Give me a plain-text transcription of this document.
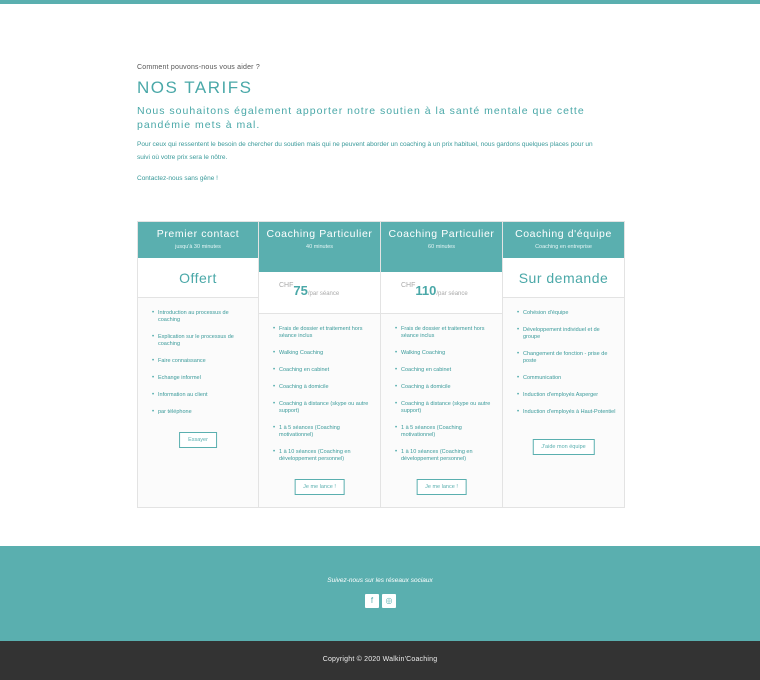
Comment pouvons-nous vous aider ?
NOS TARIFS
Nous souhaitons également apporter notre soutien à la santé mentale que cette pandémie mets à mal.

Pour ceux qui ressentent le besoin de chercher du soutien mais qui ne peuvent aborder un coaching à un prix habituel, nous gardons quelques places pour un suivi où votre prix sera le nôtre.

Contactez-nous sans gêne !

Premier contact
jusqu'à 30 minutes
Offert
• Introduction au processus de coaching
• Explication sur le processus de coaching
• Faire connaissance
• Echange informel
• Information au client
• par téléphone
Essayer
Coaching Particulier
40 minutes
$^{CHF}$75/par séance
• Frais de dossier et traitement hors séance inclus
• Walking Coaching
• Coaching en cabinet
• Coaching à domicile
• Coaching à distance (skype ou autre support)
• 1 à 5 séances (Coaching motivationnel)
• 1 à 10 séances (Coaching en développement personnel)
Je me lance !
Coaching Particulier
60 minutes
$^{CHF}$110/par séance
• Frais de dossier et traitement hors séance inclus
• Walking Coaching
• Coaching en cabinet
• Coaching à domicile
• Coaching à distance (skype ou autre support)
• 1 à 5 séances (Coaching motivationnel)
• 1 à 10 séances (Coaching en développement personnel)
Je me lance !
Coaching d'équipe
Coaching en entreprise
Sur demande
• Cohésion d'équipe
• Développement individuel et de groupe
• Changement de fonction - prise de poste
• Communication
• Induction d'employés Asperger
• Induction d'employés à Haut-Potentiel
J'aide mon équipe
Suivez-nous sur les réseaux sociaux
f	◎
Copyright © 2020 Walkin'Coaching
